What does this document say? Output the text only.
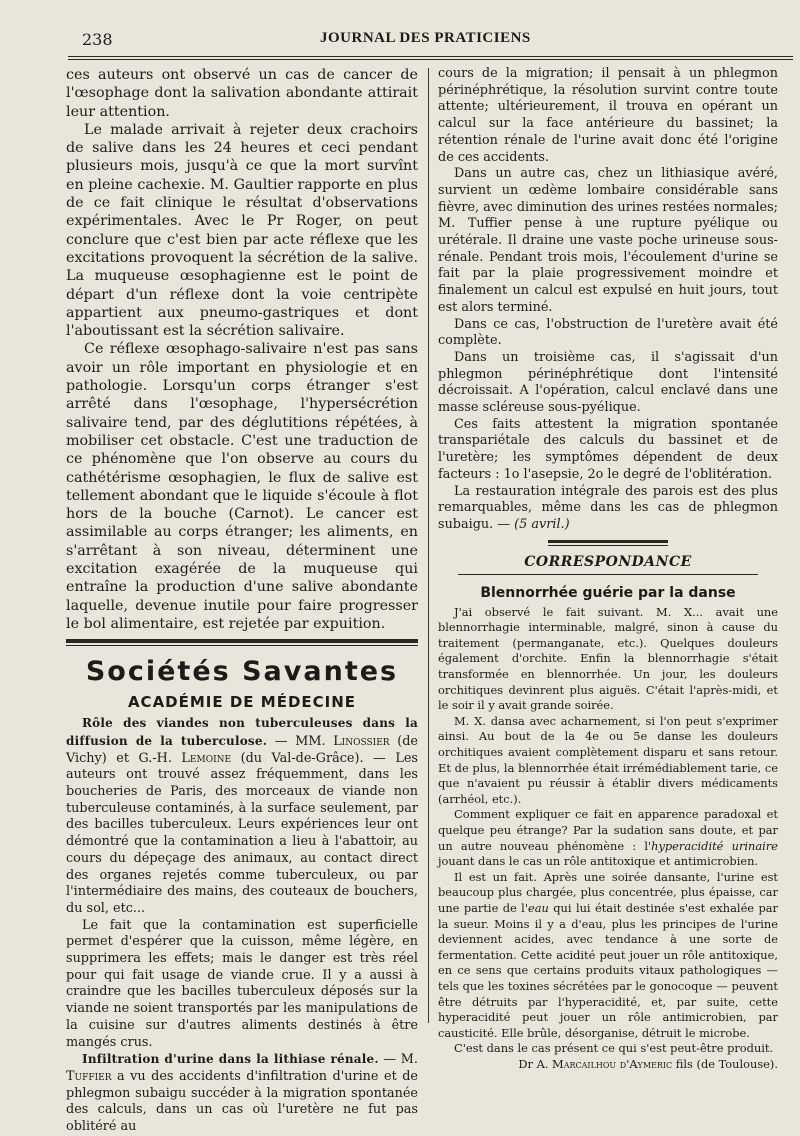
238	JOURNAL DES PRATICIENS

ces auteurs ont observé un cas de cancer de l'œsophage dont la salivation abondante attirait leur attention.

Le malade arrivait à rejeter deux crachoirs de salive dans les 24 heures et ceci pendant plusieurs mois, jusqu'à ce que la mort survînt en pleine cachexie. M. Gaultier rapporte en plus de ce fait clinique le résultat d'observations expérimentales. Avec le Pr Roger, on peut conclure que c'est bien par acte réflexe que les excitations provoquent la sécrétion de la salive. La muqueuse œsophagienne est le point de départ d'un réflexe dont la voie centripète appartient aux pneumo-gastriques et dont l'aboutissant est la sécrétion salivaire.

Ce réflexe œsophago-salivaire n'est pas sans avoir un rôle important en physiologie et en pathologie. Lorsqu'un corps étranger s'est arrêté dans l'œsophage, l'hypersécrétion salivaire tend, par des déglutitions répétées, à mobiliser cet obstacle. C'est une traduction de ce phénomène que l'on observe au cours du cathétérisme œsophagien, le flux de salive est tellement abondant que le liquide s'écoule à flot hors de la bouche (Carnot). Le cancer est assimilable au corps étranger; les aliments, en s'arrêtant à son niveau, déterminent une excitation exagérée de la muqueuse qui entraîne la production d'une salive abondante laquelle, devenue inutile pour faire progresser le bol alimentaire, est rejetée par expuition.

Sociétés Savantes
ACADÉMIE DE MÉDECINE

Rôle des viandes non tuberculeuses dans la diffusion de la tuberculose. — MM. Linossier (de Vichy) et G.-H. Lemoine (du Val-de-Grâce). — Les auteurs ont trouvé assez fréquemment, dans les boucheries de Paris, des morceaux de viande non tuberculeuse contaminés, à la surface seulement, par des bacilles tuberculeux. Leurs expériences leur ont démontré que la contamination a lieu à l'abattoir, au cours du dépeçage des animaux, au contact direct des organes rejetés comme tuberculeux, ou par l'intermédiaire des mains, des couteaux de bouchers, du sol, etc...

Le fait que la contamination est superficielle permet d'espérer que la cuisson, même légère, en supprimera les effets; mais le danger est très réel pour qui fait usage de viande crue. Il y a aussi à craindre que les bacilles tuberculeux déposés sur la viande ne soient transportés par les manipulations de la cuisine sur d'autres aliments destinés à être mangés crus.

Infiltration d'urine dans la lithiase rénale. — M. Tuffier a vu des accidents d'infiltration d'urine et de phlegmon subaigu succéder à la migration spontanée des calculs, dans un cas où l'uretère ne fut pas oblitéré au

cours de la migration; il pensait à un phlegmon périnéphrétique, la résolution survint contre toute attente; ultérieurement, il trouva en opérant un calcul sur la face antérieure du bassinet; la rétention rénale de l'urine avait donc été l'origine de ces accidents.

Dans un autre cas, chez un lithiasique avéré, survient un œdème lombaire considérable sans fièvre, avec diminution des urines restées normales; M. Tuffier pense à une rupture pyélique ou urétérale. Il draine une vaste poche urineuse sous-rénale. Pendant trois mois, l'écoulement d'urine se fait par la plaie progressivement moindre et finalement un calcul est expulsé en huit jours, tout est alors terminé.

Dans ce cas, l'obstruction de l'uretère avait été complète.

Dans un troisième cas, il s'agissait d'un phlegmon périnéphrétique dont l'intensité décroissait. A l'opération, calcul enclavé dans une masse scléreuse sous-pyélique.

Ces faits attestent la migration spontanée transpariétale des calculs du bassinet et de l'uretère; les symptômes dépendent de deux facteurs : 1o l'asepsie, 2o le degré de l'oblitération.

La restauration intégrale des parois est des plus remarquables, même dans les cas de phlegmon subaigu. — (5 avril.)

CORRESPONDANCE
Blennorrhée guérie par la danse

J'ai observé le fait suivant. M. X... avait une blennorrhagie interminable, malgré, sinon à cause du traitement (permanganate, etc.). Quelques douleurs également d'orchite. Enfin la blennorrhagie s'était transformée en blennorrhée. Un jour, les douleurs orchitiques devinrent plus aiguës. C'était l'après-midi, et le soir il y avait grande soirée.

M. X. dansa avec acharnement, si l'on peut s'exprimer ainsi. Au bout de la 4e ou 5e danse les douleurs orchitiques avaient complètement disparu et sans retour. Et de plus, la blennorrhée était irrémédiablement tarie, ce que n'avaient pu réussir à établir divers médicaments (arrhéol, etc.).

Comment expliquer ce fait en apparence paradoxal et quelque peu étrange? Par la sudation sans doute, et par un autre nouveau phénomène : l'hyperacidité urinaire jouant dans le cas un rôle antitoxique et antimicrobien.

Il est un fait. Après une soirée dansante, l'urine est beaucoup plus chargée, plus concentrée, plus épaisse, car une partie de l'eau qui lui était destinée s'est exhalée par la sueur. Moins il y a d'eau, plus les principes de l'urine deviennent acides, avec tendance à une sorte de fermentation. Cette acidité peut jouer un rôle antitoxique, en ce sens que certains produits vitaux pathologiques — tels que les toxines sécrétées par le gonocoque — peuvent être détruits par l'hyperacidité, et, par suite, cette hyperacidité peut jouer un rôle antimicrobien, par causticité. Elle brûle, désorganise, détruit le microbe.

C'est dans le cas présent ce qui s'est peut-être produit.

Dr A. Marcailhou d'Aymeric fils (de Toulouse).
